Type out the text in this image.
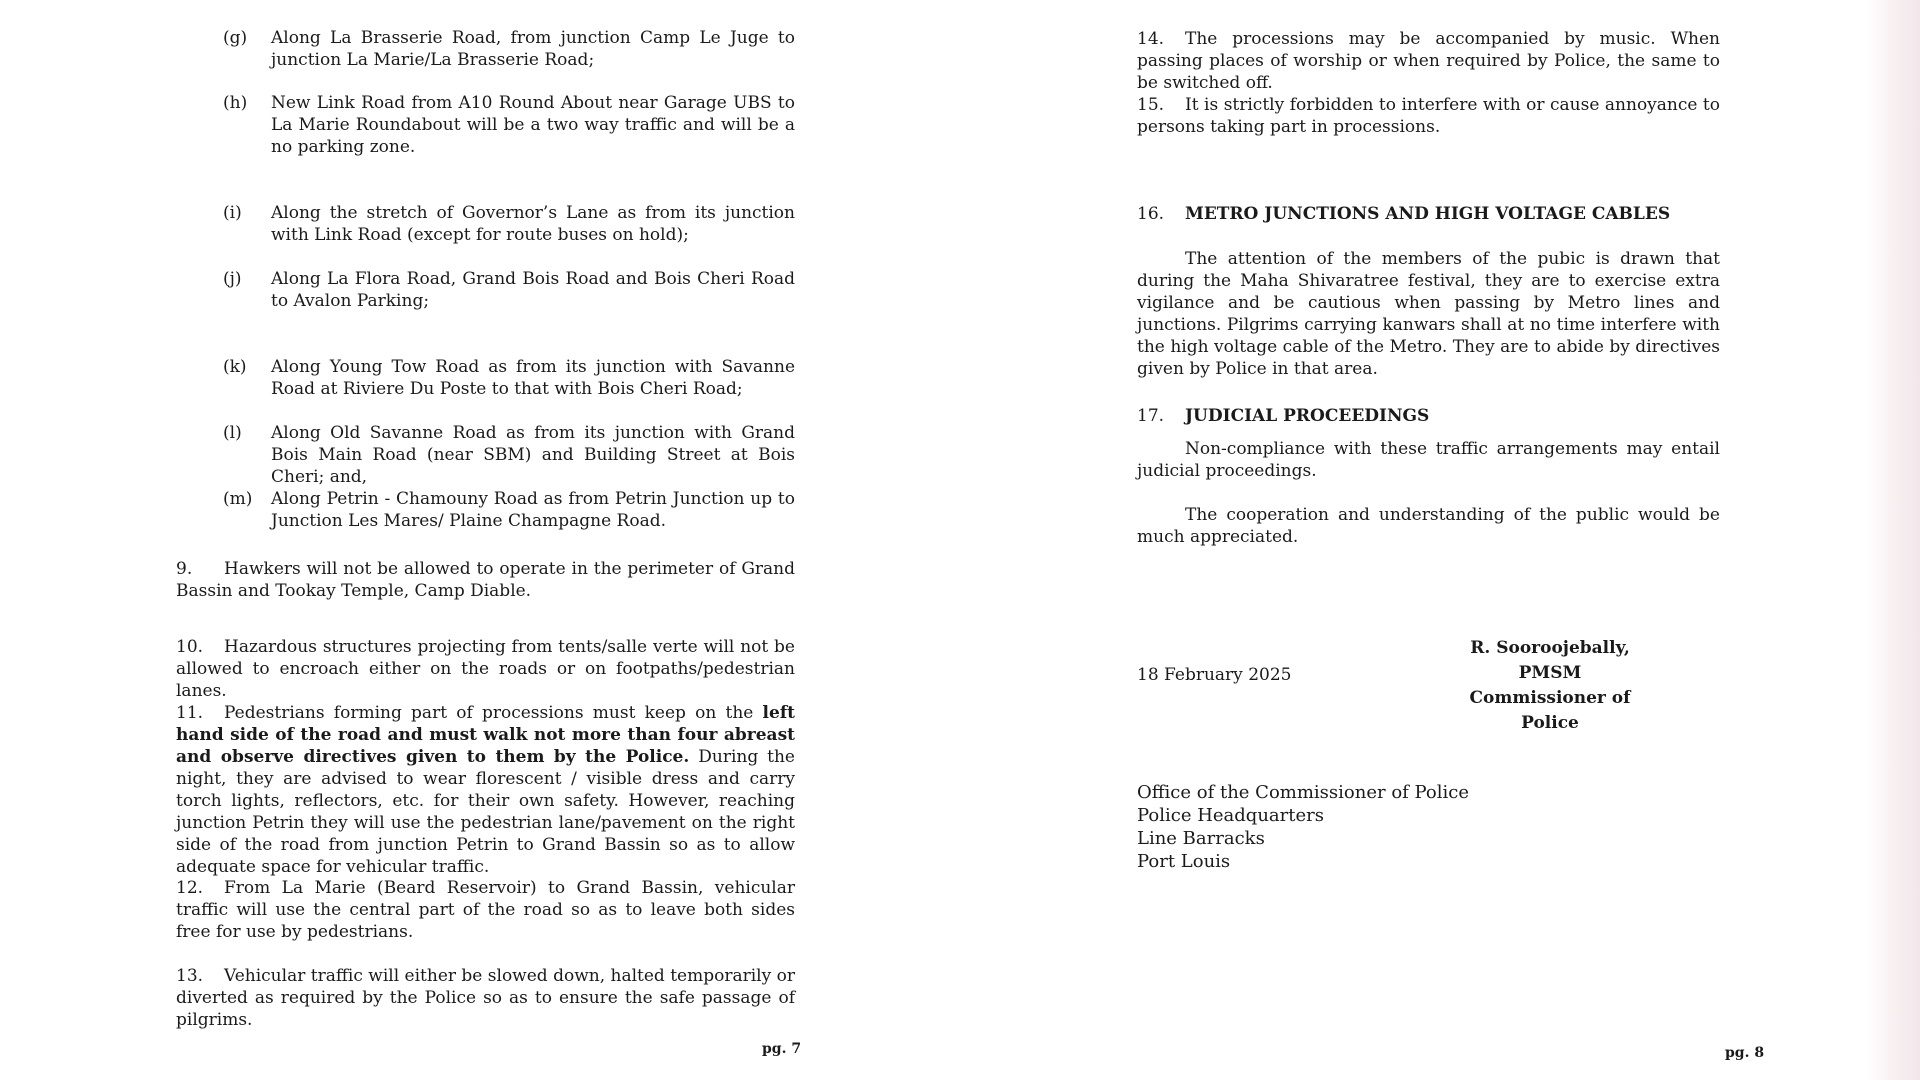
(g) Along La Brasserie Road, from junction Camp Le Juge to junction La Marie/La Brasserie Road;

(h) New Link Road from A10 Round About near Garage UBS to La Marie Roundabout will be a two way traffic and will be a no parking zone.

(i) Along the stretch of Governor’s Lane as from its junction with Link Road (except for route buses on hold);

(j) Along La Flora Road, Grand Bois Road and Bois Cheri Road to Avalon Parking;

(k) Along Young Tow Road as from its junction with Savanne Road at Riviere Du Poste to that with Bois Cheri Road;

(l) Along Old Savanne Road as from its junction with Grand Bois Main Road (near SBM) and Building Street at Bois Cheri; and,

(m) Along Petrin - Chamouny Road as from Petrin Junction up to Junction Les Mares/ Plaine Champagne Road.

9. Hawkers will not be allowed to operate in the perimeter of Grand Bassin and Tookay Temple, Camp Diable.

10. Hazardous structures projecting from tents/salle verte will not be allowed to encroach either on the roads or on footpaths/pedestrian lanes.

11. Pedestrians forming part of processions must keep on the left hand side of the road and must walk not more than four abreast and observe directives given to them by the Police. During the night, they are advised to wear florescent / visible dress and carry torch lights, reflectors, etc. for their own safety. However, reaching junction Petrin they will use the pedestrian lane/pavement on the right side of the road from junction Petrin to Grand Bassin so as to allow adequate space for vehicular traffic.

12. From La Marie (Beard Reservoir) to Grand Bassin, vehicular traffic will use the central part of the road so as to leave both sides free for use by pedestrians.

13. Vehicular traffic will either be slowed down, halted temporarily or diverted as required by the Police so as to ensure the safe passage of pilgrims.

pg. 7

14. The processions may be accompanied by music. When passing places of worship or when required by Police, the same to be switched off.

15. It is strictly forbidden to interfere with or cause annoyance to persons taking part in processions.

16. METRO JUNCTIONS AND HIGH VOLTAGE CABLES

The attention of the members of the pubic is drawn that during the Maha Shivaratree festival, they are to exercise extra vigilance and be cautious when passing by Metro lines and junctions. Pilgrims carrying kanwars shall at no time interfere with the high voltage cable of the Metro. They are to abide by directives given by Police in that area.

17. JUDICIAL PROCEEDINGS

Non-compliance with these traffic arrangements may entail judicial proceedings.

The cooperation and understanding of the public would be much appreciated.

R. Sooroojebally, PMSM
Commissioner of Police
18 February 2025
Office of the Commissioner of Police
Police Headquarters
Line Barracks
Port Louis
pg. 8
